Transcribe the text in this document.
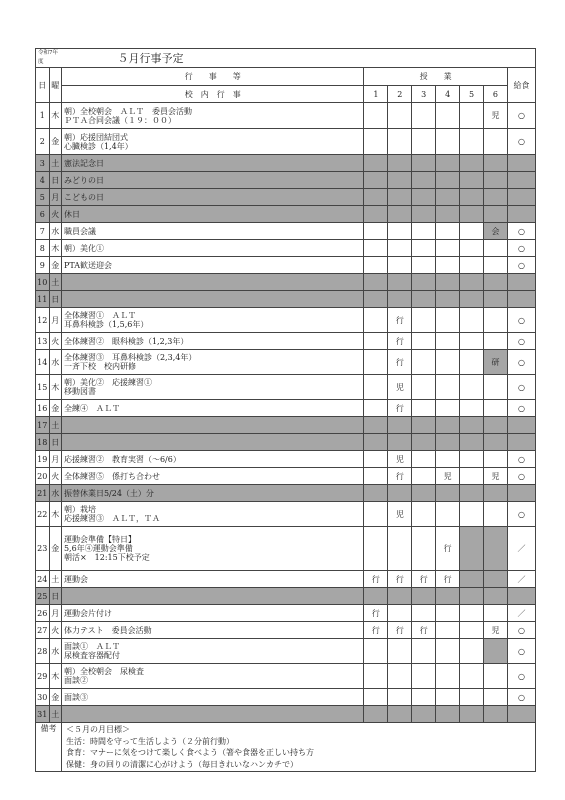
令和7年度		５月行事予定							
日	曜	行　　事　　等	授　　業						給食
		校　内　行　事	1	2	3	4	5	6	
1	木	朝）全校朝会　ＡＬＴ　委員会活動
ＰＴＡ合同会議（１９：００）						児	○
2	金	朝）応援団結団式
心臓検診（1,4年）							○
3	土	憲法記念日							

4	日	みどりの日							

5	月	こどもの日							

6	火	休日							

7	水	職員会議						会	○
8	木	朝）美化①							○
9	金	PTA歓送迎会							○
10	土	

11	日	

12	月	全体練習①　ＡＬＴ
耳鼻科検診（1,5,6年）		行					○
13	火	全体練習②　眼科検診（1,2,3年）		行					○
14	水	全体練習③　耳鼻科検診（2,3,4年）
一斉下校　校内研修		行				研	○
15	木	朝）美化②　応援練習①
移動図書		児					○
16	金	全練④　ＡＬＴ		行					○
17	土	

18	日	

19	月	応援練習②　教育実習（～6/6）		児					○
20	火	全体練習⑤　係打ち合わせ		行		児		児	○
21	水	振替休業日5/24（土）分							

22	木	朝）栽培
応援練習③　ＡＬＴ，ＴＡ		児					○
23	金	運動会準備【特日】
5,6年④運動会準備
朝活×　12:15下校予定				行			／
24	土	運動会	行	行	行	行			／
25	日	

26	月	運動会片付け	行						／
27	火	体力テスト　委員会活動	行	行	行			児	○
28	水	面談①　ＡＬＴ
尿検査容器配付							○
29	木	朝）全校朝会　尿検査
面談②							○
30	金	面談③							○
31	土	

備考		＜５月の月目標＞
生活：時間を守って生活しよう（２分前行動）
食育：マナーに気をつけて楽しく食べよう（箸や食器を正しい持ち方
保健：身の回りの清潔に心がけよう（毎日きれいなハンカチで）							
